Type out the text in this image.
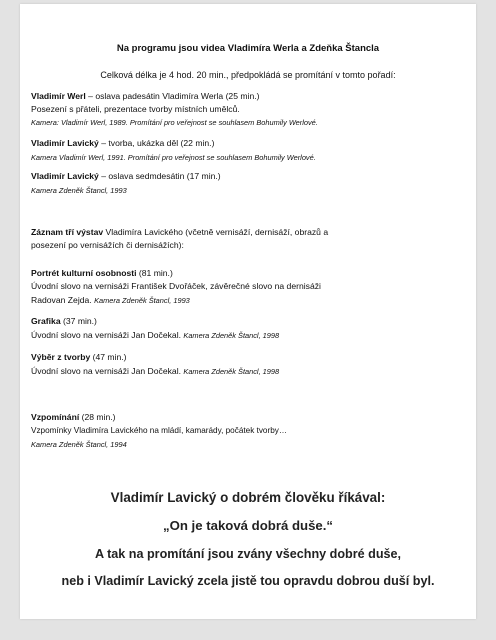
Na programu jsou videa Vladimíra Werla a Zdeňka Štancla
Celková délka je 4 hod. 20 min., předpokládá se promítání v tomto pořadí:
Vladimír Werl – oslava padesátin Vladimíra Werla (25 min.)
Posezení s přáteli, prezentace tvorby místních umělců.
Kamera: Vladimír Werl, 1989. Promítání pro veřejnost se souhlasem Bohumily Werlové.
Vladimír Lavický – tvorba, ukázka děl (22 min.)
Kamera Vladimír Werl, 1991. Promítání pro veřejnost se souhlasem Bohumily Werlové.
Vladimír Lavický – oslava sedmdesátin (17 min.)
Kamera Zdeněk Štancl, 1993
Záznam tří výstav Vladimíra Lavického (včetně vernisáží, dernisáží, obrazů a
posezení po vernisážích či dernisážích):
Portrét kulturní osobnosti (81 min.)
Úvodní slovo na vernisáži František Dvořáček, závěrečné slovo na dernisáži
Radovan Zejda. Kamera Zdeněk Štancl, 1993
Grafika (37 min.)
Úvodní slovo na vernisáži Jan Dočekal. Kamera Zdeněk Štancl, 1998
Výběr z tvorby (47 min.)
Úvodní slovo na vernisáži Jan Dočekal. Kamera Zdeněk Štancl, 1998
Vzpomínání (28 min.)
Vzpomínky Vladimíra Lavického na mládí, kamarády, počátek tvorby…
Kamera Zdeněk Štancl, 1994
Vladimír Lavický o dobrém člověku říkával:
„On je taková dobrá duše.“
A tak na promítání jsou zvány všechny dobré duše,
neb i Vladimír Lavický zcela jistě tou opravdu dobrou duší byl.
